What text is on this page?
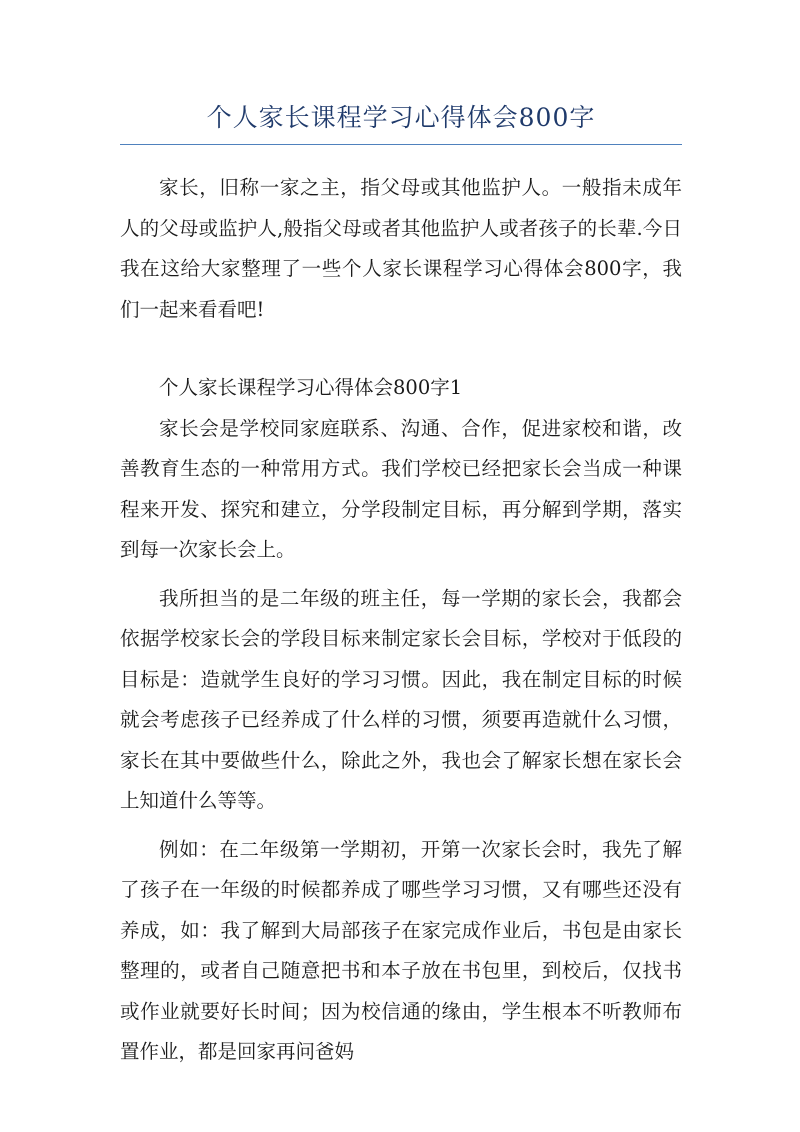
个人家长课程学习心得体会800字

家长，旧称一家之主，指父母或其他监护人。一般指未成年人的父母或监护人,般指父母或者其他监护人或者孩子的长辈.今日我在这给大家整理了一些个人家长课程学习心得体会800字，我们一起来看看吧!

个人家长课程学习心得体会800字1

家长会是学校同家庭联系、沟通、合作，促进家校和谐，改善教育生态的一种常用方式。我们学校已经把家长会当成一种课程来开发、探究和建立，分学段制定目标，再分解到学期，落实到每一次家长会上。

我所担当的是二年级的班主任，每一学期的家长会，我都会依据学校家长会的学段目标来制定家长会目标，学校对于低段的目标是：造就学生良好的学习习惯。因此，我在制定目标的时候就会考虑孩子已经养成了什么样的习惯，须要再造就什么习惯，家长在其中要做些什么，除此之外，我也会了解家长想在家长会上知道什么等等。

例如：在二年级第一学期初，开第一次家长会时，我先了解了孩子在一年级的时候都养成了哪些学习习惯，又有哪些还没有养成，如：我了解到大局部孩子在家完成作业后，书包是由家长整理的，或者自己随意把书和本子放在书包里，到校后，仅找书或作业就要好长时间；因为校信通的缘由，学生根本不听教师布置作业，都是回家再问爸妈
